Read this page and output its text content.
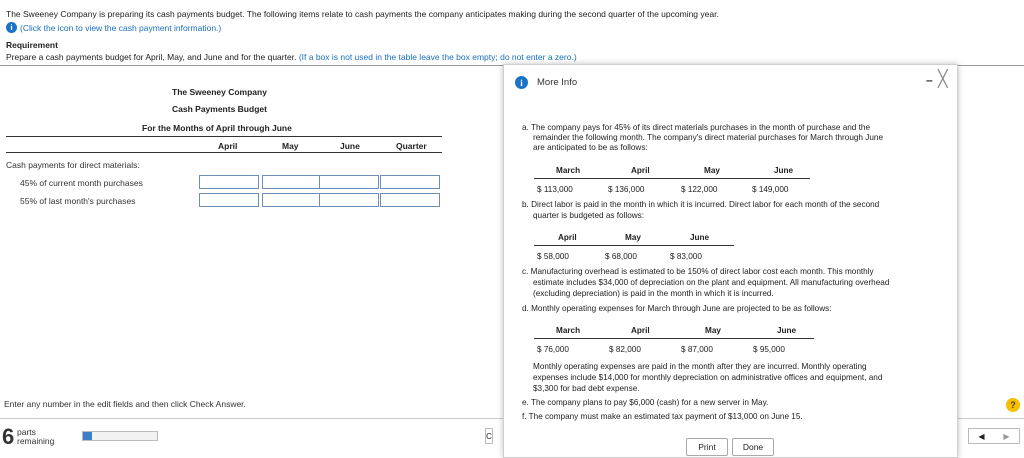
The Sweeney Company is preparing its cash payments budget. The following items relate to cash payments the company anticipates making during the second quarter of the upcoming year.
i (Click the icon to view the cash payment information.)
Requirement
Prepare a cash payments budget for April, May, and June and for the quarter. (If a box is not used in the table leave the box empty; do not enter a zero.)
The Sweeney Company
Cash Payments Budget
For the Months of April through June
April	May	June	Quarter
Cash payments for direct materials:
45% of current month purchases
55% of last month's purchases
Enter any number in the edit fields and then click Check Answer.
6 parts
remaining	C
?
◀	▶
i	More Info	– ╳
a. The company pays for 45% of its direct materials purchases in the month of purchase and the
remainder the following month. The company's direct material purchases for March through June
are anticipated to be as follows:
March	April	May	June
$ 113,000	$ 136,000	$ 122,000	$ 149,000
b. Direct labor is paid in the month in which it is incurred. Direct labor for each month of the second
quarter is budgeted as follows:
April	May	June
$ 58,000	$ 68,000	$ 83,000
c. Manufacturing overhead is estimated to be 150% of direct labor cost each month. This monthly
estimate includes $34,000 of depreciation on the plant and equipment. All manufacturing overhead
(excluding depreciation) is paid in the month in which it is incurred.
d. Monthly operating expenses for March through June are projected to be as follows:
March	April	May	June
$ 76,000	$ 82,000	$ 87,000	$ 95,000
Monthly operating expenses are paid in the month after they are incurred. Monthly operating
expenses include $14,000 for monthly depreciation on administrative offices and equipment, and
$3,300 for bad debt expense.
e. The company plans to pay $6,000 (cash) for a new server in May.
f. The company must make an estimated tax payment of $13,000 on June 15.
Print	Done
